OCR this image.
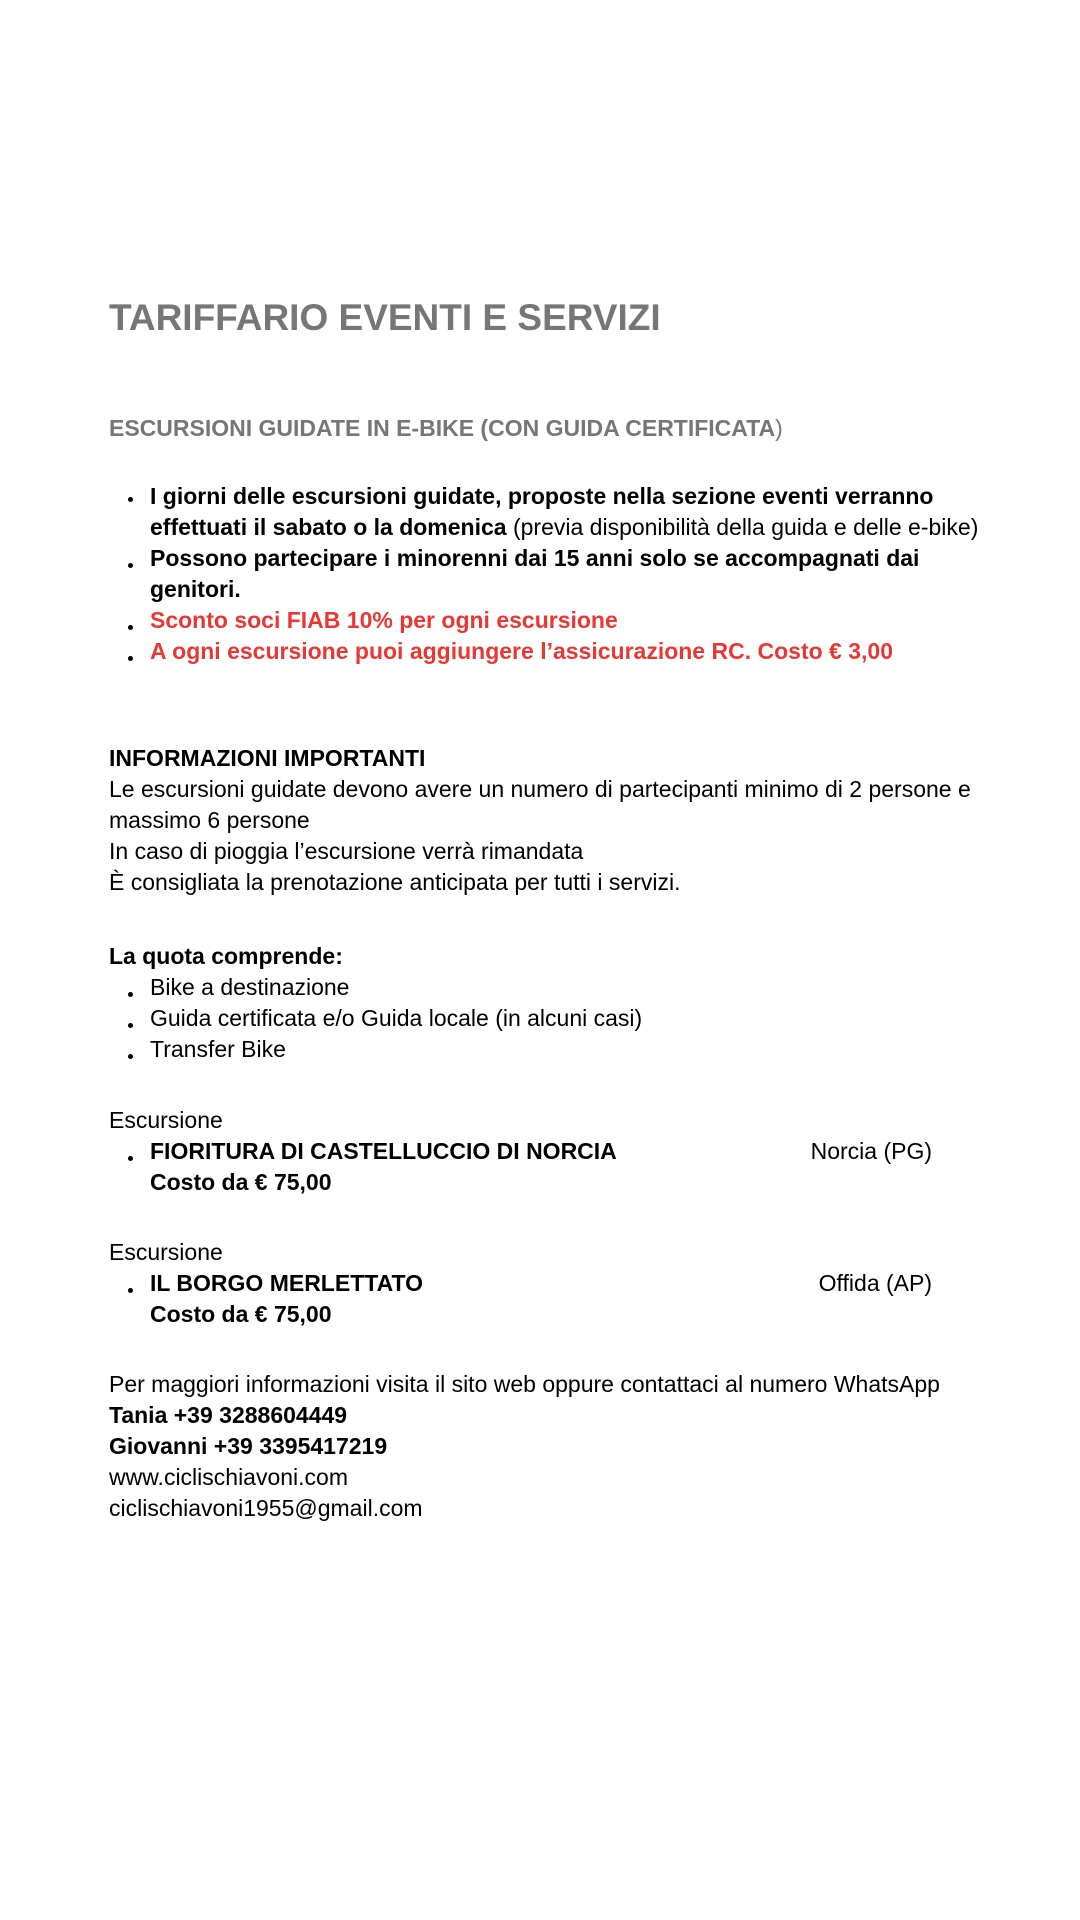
TARIFFARIO EVENTI E SERVIZI
ESCURSIONI GUIDATE IN E-BIKE (CON GUIDA CERTIFICATA)
I giorni delle escursioni guidate, proposte nella sezione eventi verranno effettuati il sabato o la domenica (previa disponibilità della guida e delle e-bike)
Possono partecipare i minorenni dai 15 anni solo se accompagnati dai genitori.
Sconto soci FIAB 10% per ogni escursione
A ogni escursione puoi aggiungere l’assicurazione RC. Costo € 3,00

INFORMAZIONI IMPORTANTI

Le escursioni guidate devono avere un numero di partecipanti minimo di 2 persone e massimo 6 persone

In caso di pioggia l’escursione verrà rimandata

È consigliata la prenotazione anticipata per tutti i servizi.

La quota comprende:

Bike a destinazione
Guida certificata e/o Guida locale (in alcuni casi)
Transfer Bike

Escursione

FIORITURA DI CASTELLUCCIO DI NORCIA	Norcia (PG)
Costo da € 75,00

Escursione

IL BORGO MERLETTATO	Offida (AP)
Costo da € 75,00

Per maggiori informazioni visita il sito web oppure contattaci al numero WhatsApp

Tania +39 3288604449

Giovanni +39 3395417219

www.ciclischiavoni.com

ciclischiavoni1955@gmail.com
